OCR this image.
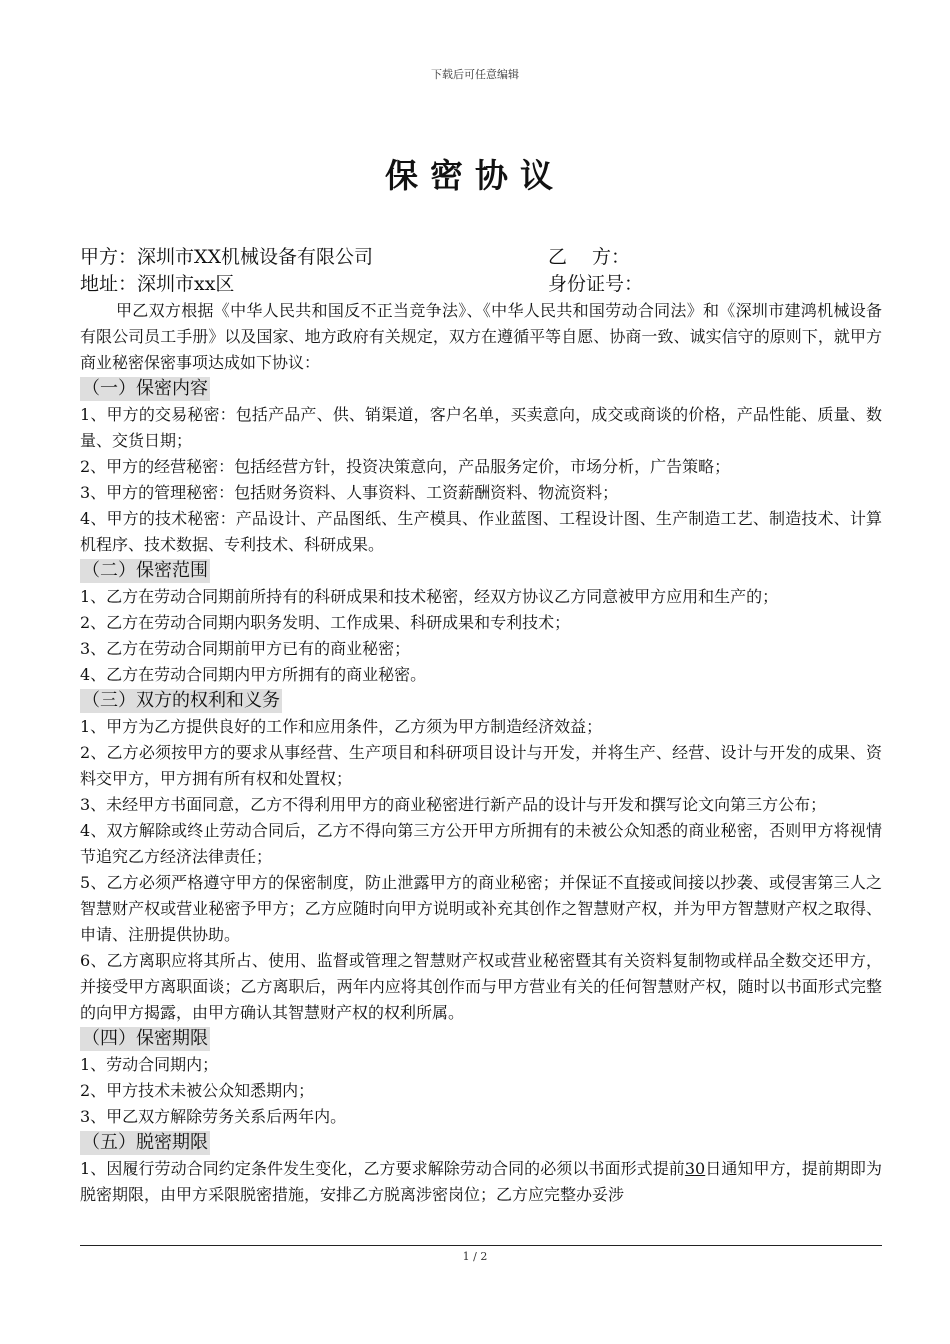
下载后可任意编辑
保密协议
甲方：深圳市XX机械设备有限公司	乙　 方：
地址：深圳市xx区	身份证号：

甲乙双方根据《中华人民共和国反不正当竞争法》、《中华人民共和国劳动合同法》和《深圳市建鸿机械设备有限公司员工手册》以及国家、地方政府有关规定，双方在遵循平等自愿、协商一致、诚实信守的原则下，就甲方商业秘密保密事项达成如下协议：

（一）保密内容

1、甲方的交易秘密：包括产品产、供、销渠道，客户名单，买卖意向，成交或商谈的价格，产品性能、质量、数量、交货日期；

2、甲方的经营秘密：包括经营方针，投资决策意向，产品服务定价，市场分析，广告策略；

3、甲方的管理秘密：包括财务资料、人事资料、工资薪酬资料、物流资料；

4、甲方的技术秘密：产品设计、产品图纸、生产模具、作业蓝图、工程设计图、生产制造工艺、制造技术、计算机程序、技术数据、专利技术、科研成果。

（二）保密范围

1、乙方在劳动合同期前所持有的科研成果和技术秘密，经双方协议乙方同意被甲方应用和生产的；

2、乙方在劳动合同期内职务发明、工作成果、科研成果和专利技术；

3、乙方在劳动合同期前甲方已有的商业秘密；

4、乙方在劳动合同期内甲方所拥有的商业秘密。

（三）双方的权利和义务

1、甲方为乙方提供良好的工作和应用条件，乙方须为甲方制造经济效益；

2、乙方必须按甲方的要求从事经营、生产项目和科研项目设计与开发，并将生产、经营、设计与开发的成果、资料交甲方，甲方拥有所有权和处置权；

3、未经甲方书面同意，乙方不得利用甲方的商业秘密进行新产品的设计与开发和撰写论文向第三方公布；

4、双方解除或终止劳动合同后，乙方不得向第三方公开甲方所拥有的未被公众知悉的商业秘密，否则甲方将视情节追究乙方经济法律责任；

5、乙方必须严格遵守甲方的保密制度，防止泄露甲方的商业秘密；并保证不直接或间接以抄袭、或侵害第三人之智慧财产权或营业秘密予甲方；乙方应随时向甲方说明或补充其创作之智慧财产权，并为甲方智慧财产权之取得、申请、注册提供协助。

6、乙方离职应将其所占、使用、监督或管理之智慧财产权或营业秘密暨其有关资料复制物或样品全数交还甲方，并接受甲方离职面谈；乙方离职后，两年内应将其创作而与甲方营业有关的任何智慧财产权，随时以书面形式完整的向甲方揭露，由甲方确认其智慧财产权的权利所属。

（四）保密期限

1、劳动合同期内；

2、甲方技术未被公众知悉期内；

3、甲乙双方解除劳务关系后两年内。

（五）脱密期限

1、因履行劳动合同约定条件发生变化，乙方要求解除劳动合同的必须以书面形式提前30日通知甲方，提前期即为脱密期限，由甲方采限脱密措施，安排乙方脱离涉密岗位；乙方应完整办妥涉

1 / 2
